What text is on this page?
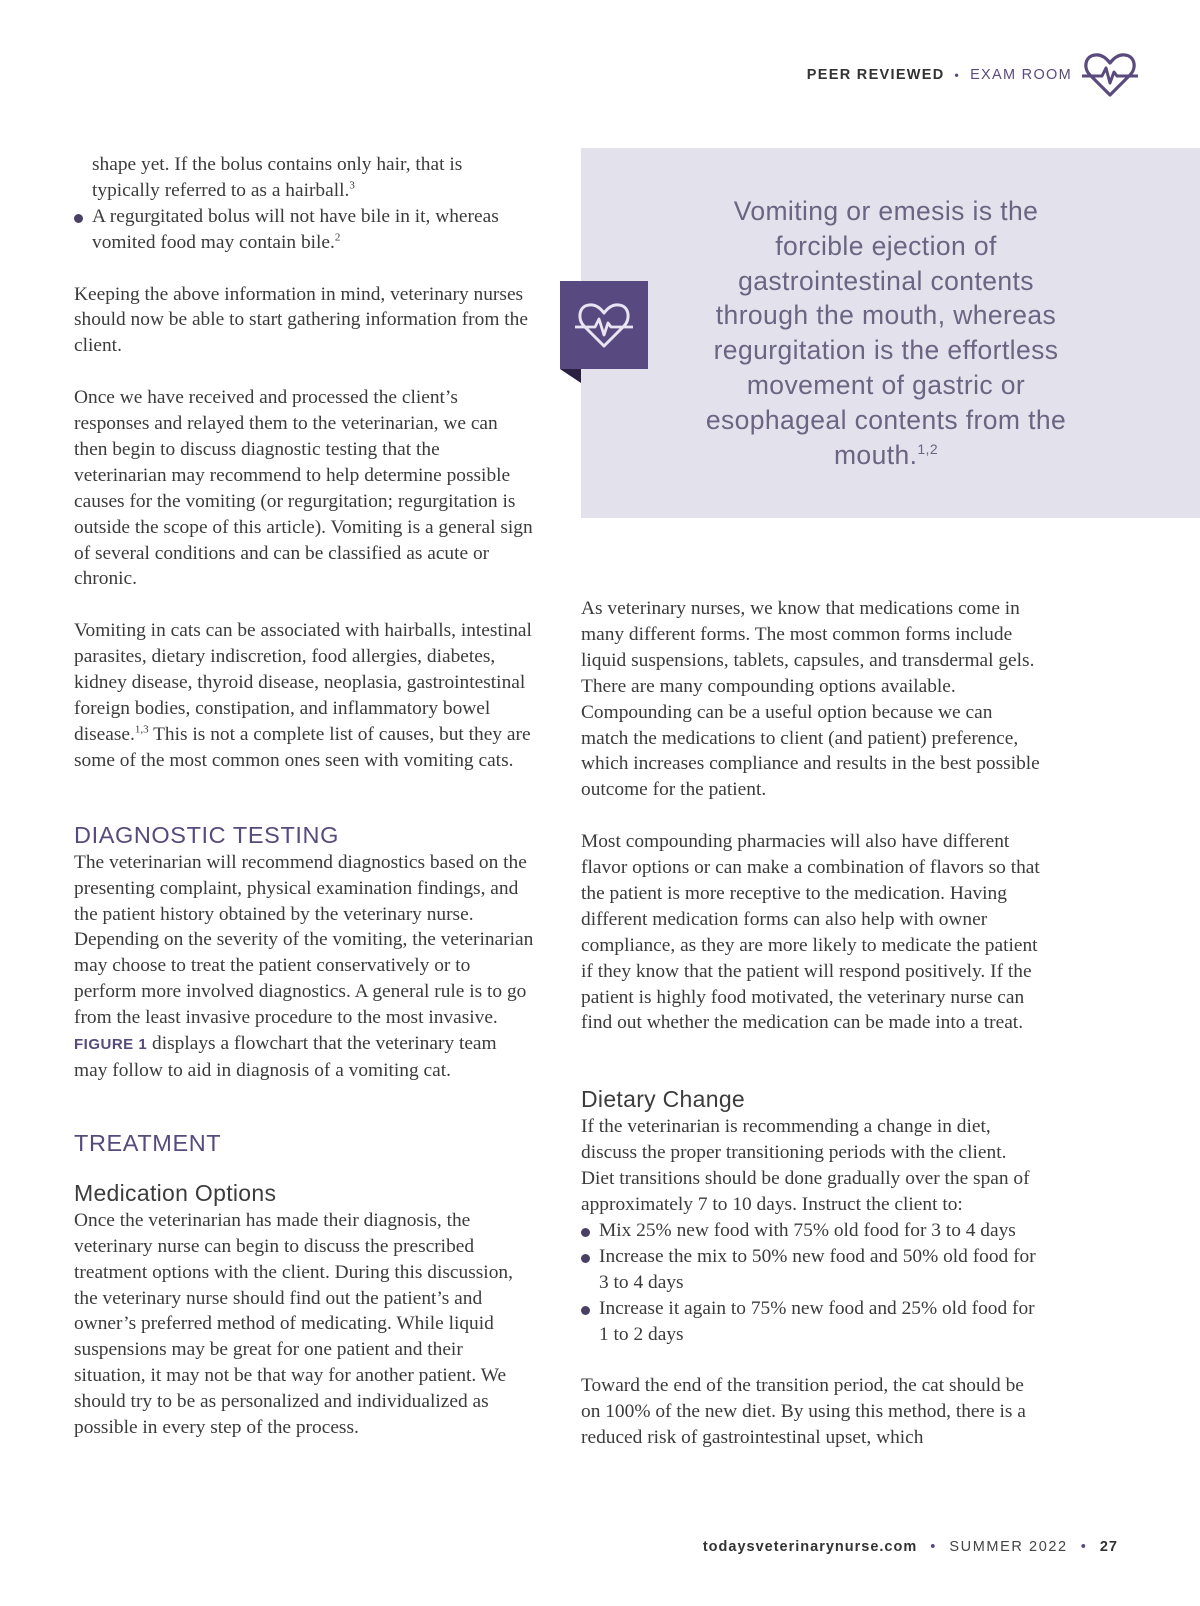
PEER REVIEWED • EXAM ROOM
shape yet. If the bolus contains only hair, that is typically referred to as a hairball.$^3$
A regurgitated bolus will not have bile in it, whereas vomited food may contain bile.$^2$

Keeping the above information in mind, veterinary nurses should now be able to start gathering information from the client.

Once we have received and processed the client’s responses and relayed them to the veterinarian, we can then begin to discuss diagnostic testing that the veterinarian may recommend to help determine possible causes for the vomiting (or regurgitation; regurgitation is outside the scope of this article). Vomiting is a general sign of several conditions and can be classified as acute or chronic.

Vomiting in cats can be associated with hairballs, intestinal parasites, dietary indiscretion, food allergies, diabetes, kidney disease, thyroid disease, neoplasia, gastrointestinal foreign bodies, constipation, and inflammatory bowel disease.$^{1,3}$ This is not a complete list of causes, but they are some of the most common ones seen with vomiting cats.

DIAGNOSTIC TESTING

The veterinarian will recommend diagnostics based on the presenting complaint, physical examination findings, and the patient history obtained by the veterinary nurse. Depending on the severity of the vomiting, the veterinarian may choose to treat the patient conservatively or to perform more involved diagnostics. A general rule is to go from the least invasive procedure to the most invasive. FIGURE 1 displays a flowchart that the veterinary team may follow to aid in diagnosis of a vomiting cat.

TREATMENT
Medication Options

Once the veterinarian has made their diagnosis, the veterinary nurse can begin to discuss the prescribed treatment options with the client. During this discussion, the veterinary nurse should find out the patient’s and owner’s preferred method of medicating. While liquid suspensions may be great for one patient and their situation, it may not be that way for another patient. We should try to be as personalized and individualized as possible in every step of the process.

Vomiting or emesis is the forcible ejection of gastrointestinal contents through the mouth, whereas regurgitation is the effortless movement of gastric or esophageal contents from the mouth.$^{1,2}$

As veterinary nurses, we know that medications come in many different forms. The most common forms include liquid suspensions, tablets, capsules, and transdermal gels. There are many compounding options available. Compounding can be a useful option because we can match the medications to client (and patient) preference, which increases compliance and results in the best possible outcome for the patient.

Most compounding pharmacies will also have different flavor options or can make a combination of flavors so that the patient is more receptive to the medication. Having different medication forms can also help with owner compliance, as they are more likely to medicate the patient if they know that the patient will respond positively. If the patient is highly food motivated, the veterinary nurse can find out whether the medication can be made into a treat.

Dietary Change

If the veterinarian is recommending a change in diet, discuss the proper transitioning periods with the client. Diet transitions should be done gradually over the span of approximately 7 to 10 days. Instruct the client to:

Mix 25% new food with 75% old food for 3 to 4 days
Increase the mix to 50% new food and 50% old food for 3 to 4 days
Increase it again to 75% new food and 25% old food for 1 to 2 days

Toward the end of the transition period, the cat should be on 100% of the new diet. By using this method, there is a reduced risk of gastrointestinal upset, which

todaysveterinarynurse.com • SUMMER 2022 • 27
